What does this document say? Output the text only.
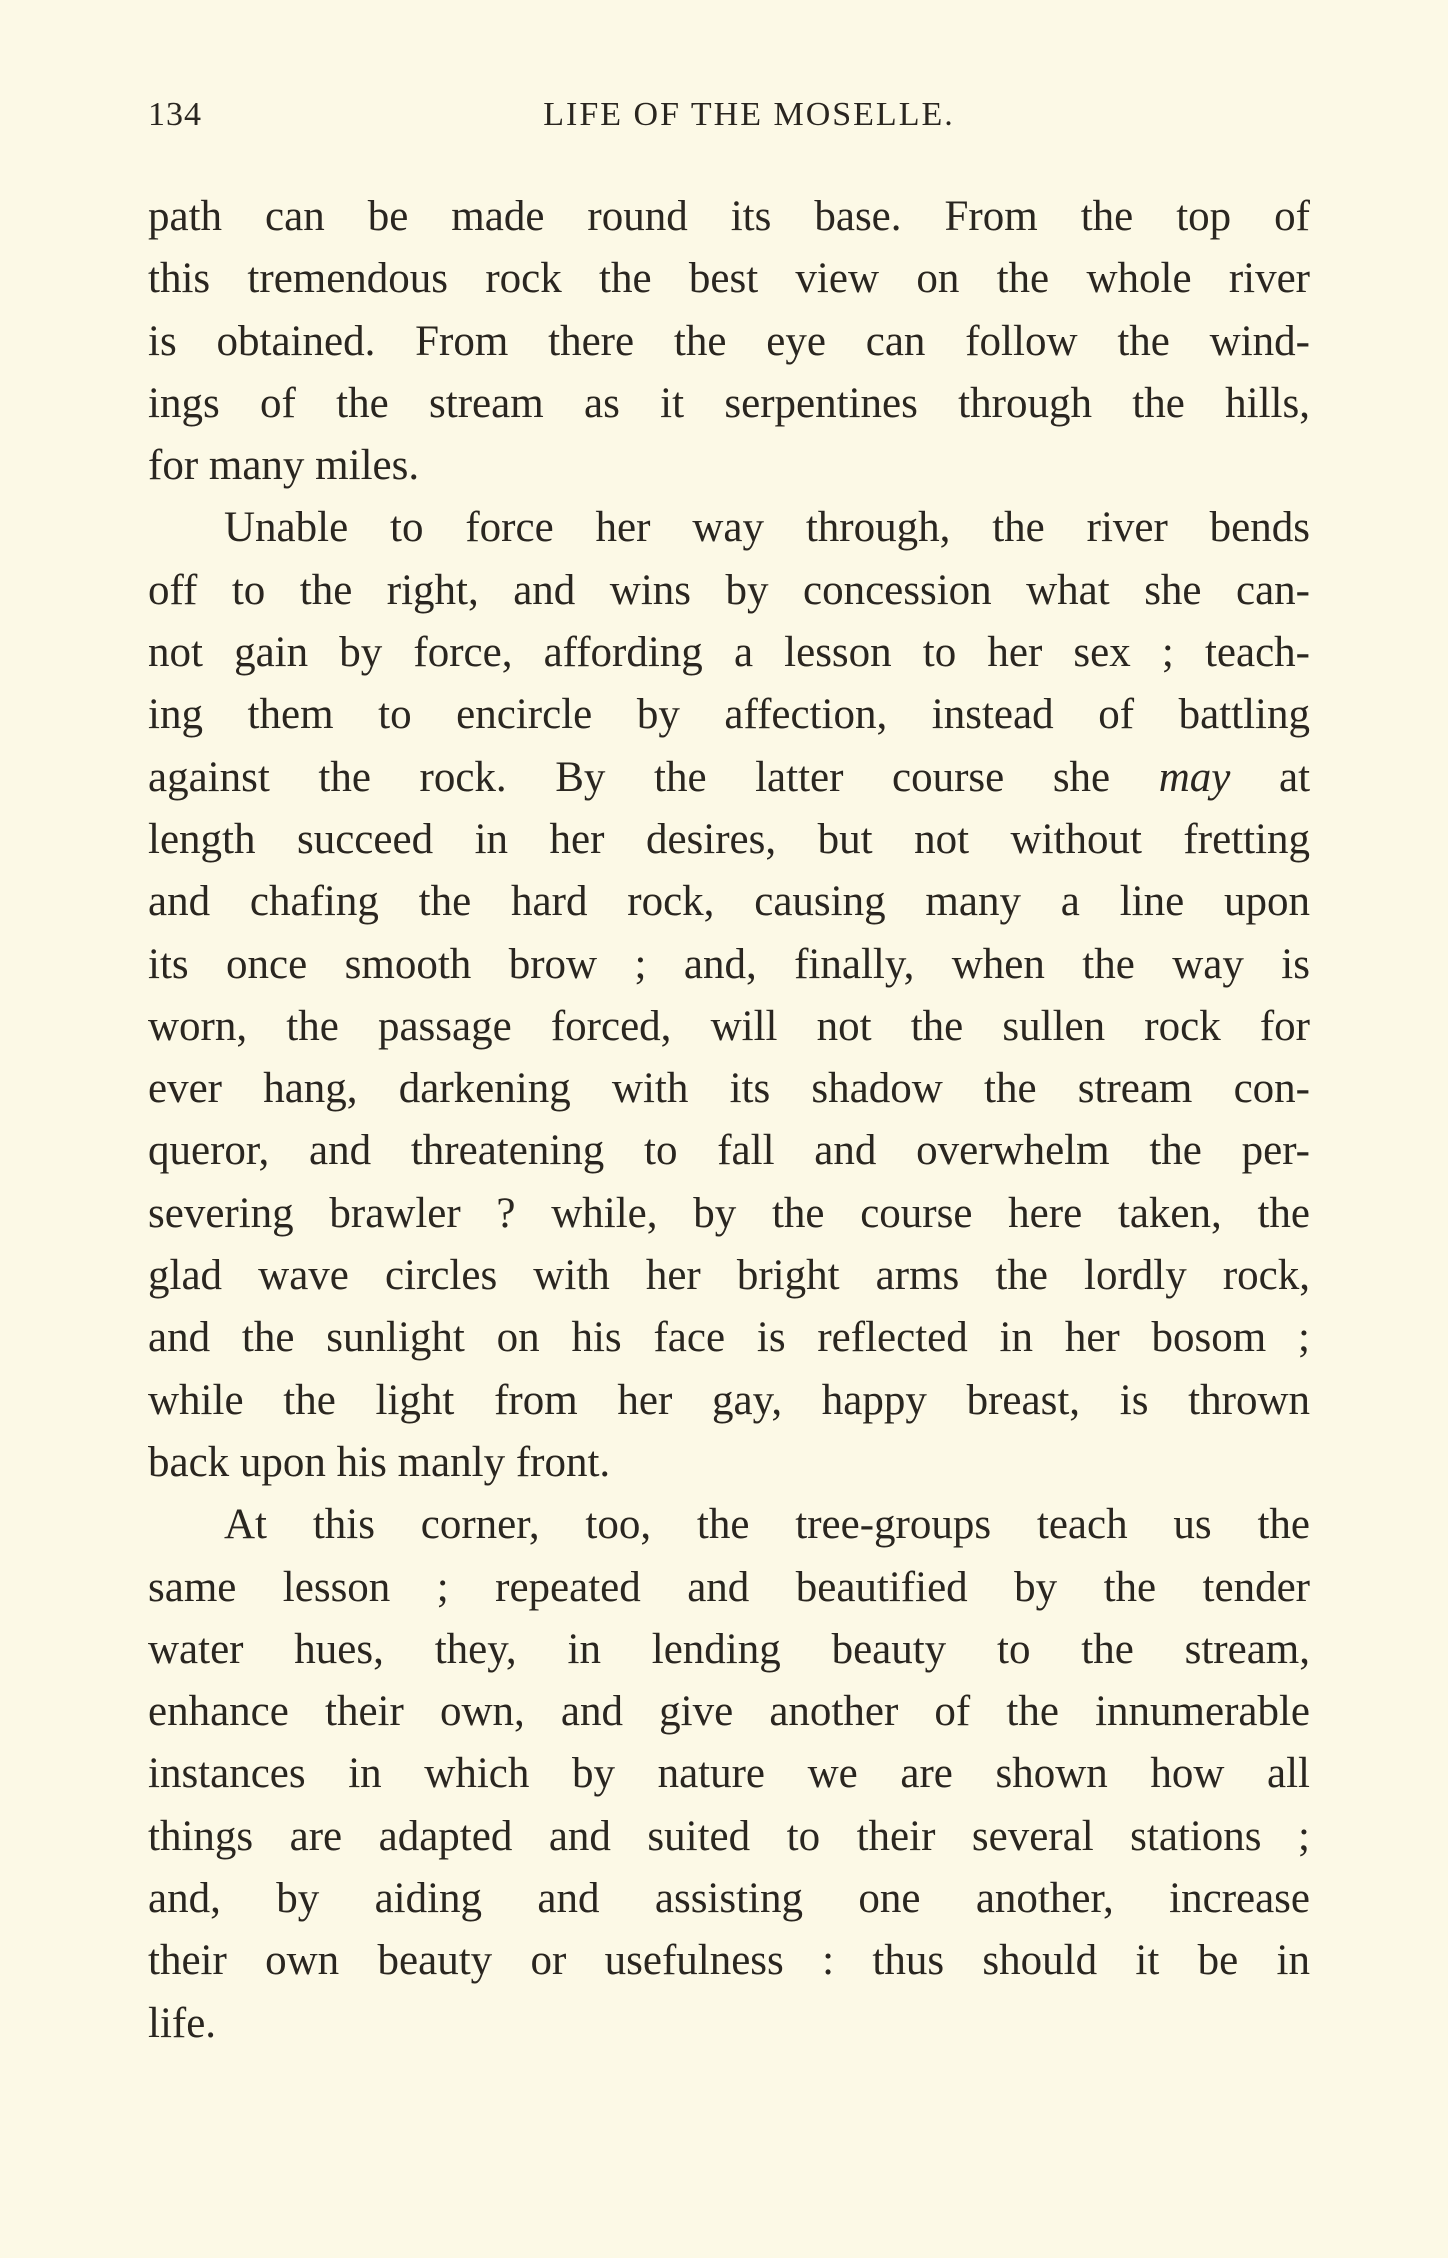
134	LIFE OF THE MOSELLE.
path can be made round its base. From the top of
this tremendous rock the best view on the whole river
is obtained. From there the eye can follow the wind-
ings of the stream as it serpentines through the hills,
for many miles.
Unable to force her way through, the river bends
off to the right, and wins by concession what she can-
not gain by force, affording a lesson to her sex ; teach-
ing them to encircle by affection, instead of battling
against the rock. By the latter course she may at
length succeed in her desires, but not without fretting
and chafing the hard rock, causing many a line upon
its once smooth brow ; and, finally, when the way is
worn, the passage forced, will not the sullen rock for
ever hang, darkening with its shadow the stream con-
queror, and threatening to fall and overwhelm the per-
severing brawler ? while, by the course here taken, the
glad wave circles with her bright arms the lordly rock,
and the sunlight on his face is reflected in her bosom ;
while the light from her gay, happy breast, is thrown
back upon his manly front.
At this corner, too, the tree-groups teach us the
same lesson ; repeated and beautified by the tender
water hues, they, in lending beauty to the stream,
enhance their own, and give another of the innumerable
instances in which by nature we are shown how all
things are adapted and suited to their several stations ;
and, by aiding and assisting one another, increase
their own beauty or usefulness : thus should it be in
life.
